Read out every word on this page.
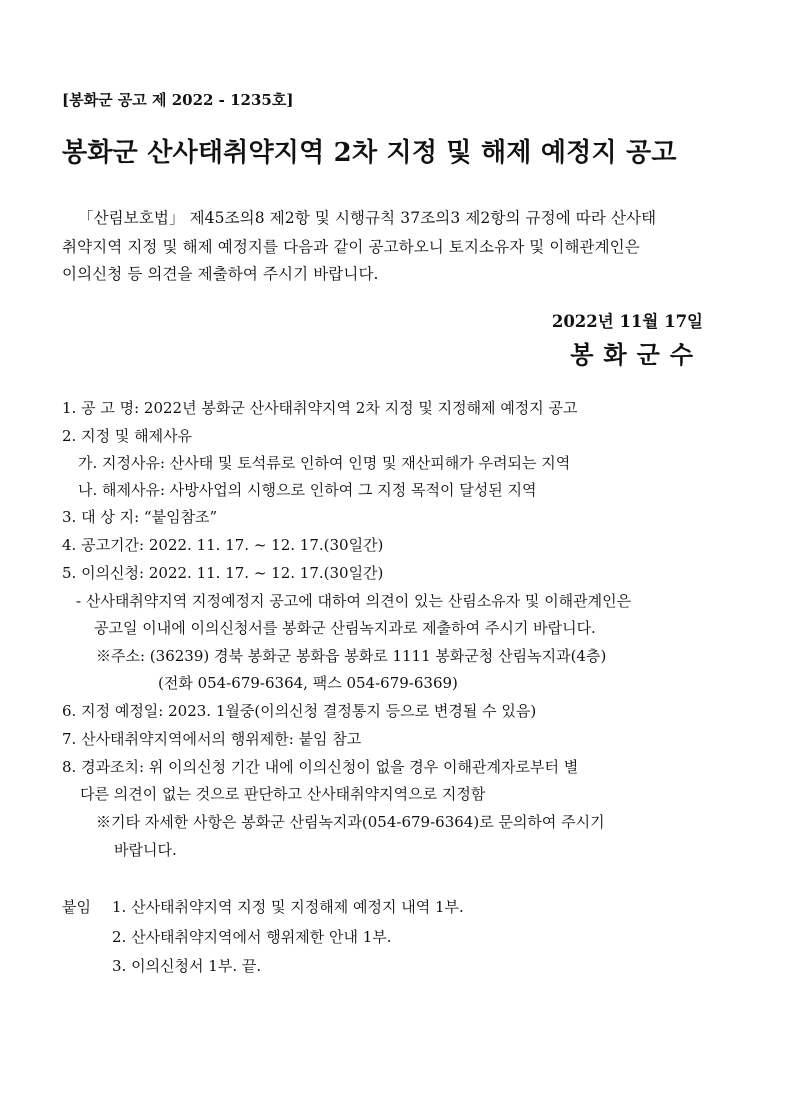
[봉화군 공고 제 2022 - 1235호]
봉화군 산사태취약지역 2차 지정 및 해제 예정지 공고
「산림보호법」 제45조의8 제2항 및 시행규칙 37조의3 제2항의 규정에 따라 산사태
취약지역 지정 및 해제 예정지를 다음과 같이 공고하오니 토지소유자 및 이해관계인은
이의신청 등 의견을 제출하여 주시기 바랍니다.
2022년 11월 17일
봉화군수
1. 공 고 명: 2022년 봉화군 산사태취약지역 2차 지정 및 지정해제 예정지 공고
2. 지정 및 해제사유
가. 지정사유: 산사태 및 토석류로 인하여 인명 및 재산피해가 우려되는 지역
나. 해제사유: 사방사업의 시행으로 인하여 그 지정 목적이 달성된 지역
3. 대 상 지: “붙임참조”
4. 공고기간: 2022. 11. 17. ~ 12. 17.(30일간)
5. 이의신청: 2022. 11. 17. ~ 12. 17.(30일간)
- 산사태취약지역 지정예정지 공고에 대하여 의견이 있는 산림소유자 및 이해관계인은
공고일 이내에 이의신청서를 봉화군 산림녹지과로 제출하여 주시기 바랍니다.
※주소: (36239) 경북 봉화군 봉화읍 봉화로 1111 봉화군청 산림녹지과(4층)
(전화 054-679-6364, 팩스 054-679-6369)
6. 지정 예정일: 2023. 1월중(이의신청 결정통지 등으로 변경될 수 있음)
7. 산사태취약지역에서의 행위제한: 붙임 참고
8. 경과조치: 위 이의신청 기간 내에 이의신청이 없을 경우 이해관계자로부터 별
다른 의견이 없는 것으로 판단하고 산사태취약지역으로 지정함
※기타 자세한 사항은 봉화군 산림녹지과(054-679-6364)로 문의하여 주시기
바랍니다.
붙임 1. 산사태취약지역 지정 및 지정해제 예정지 내역 1부.
2. 산사태취약지역에서 행위제한 안내 1부.
3. 이의신청서 1부. 끝.
